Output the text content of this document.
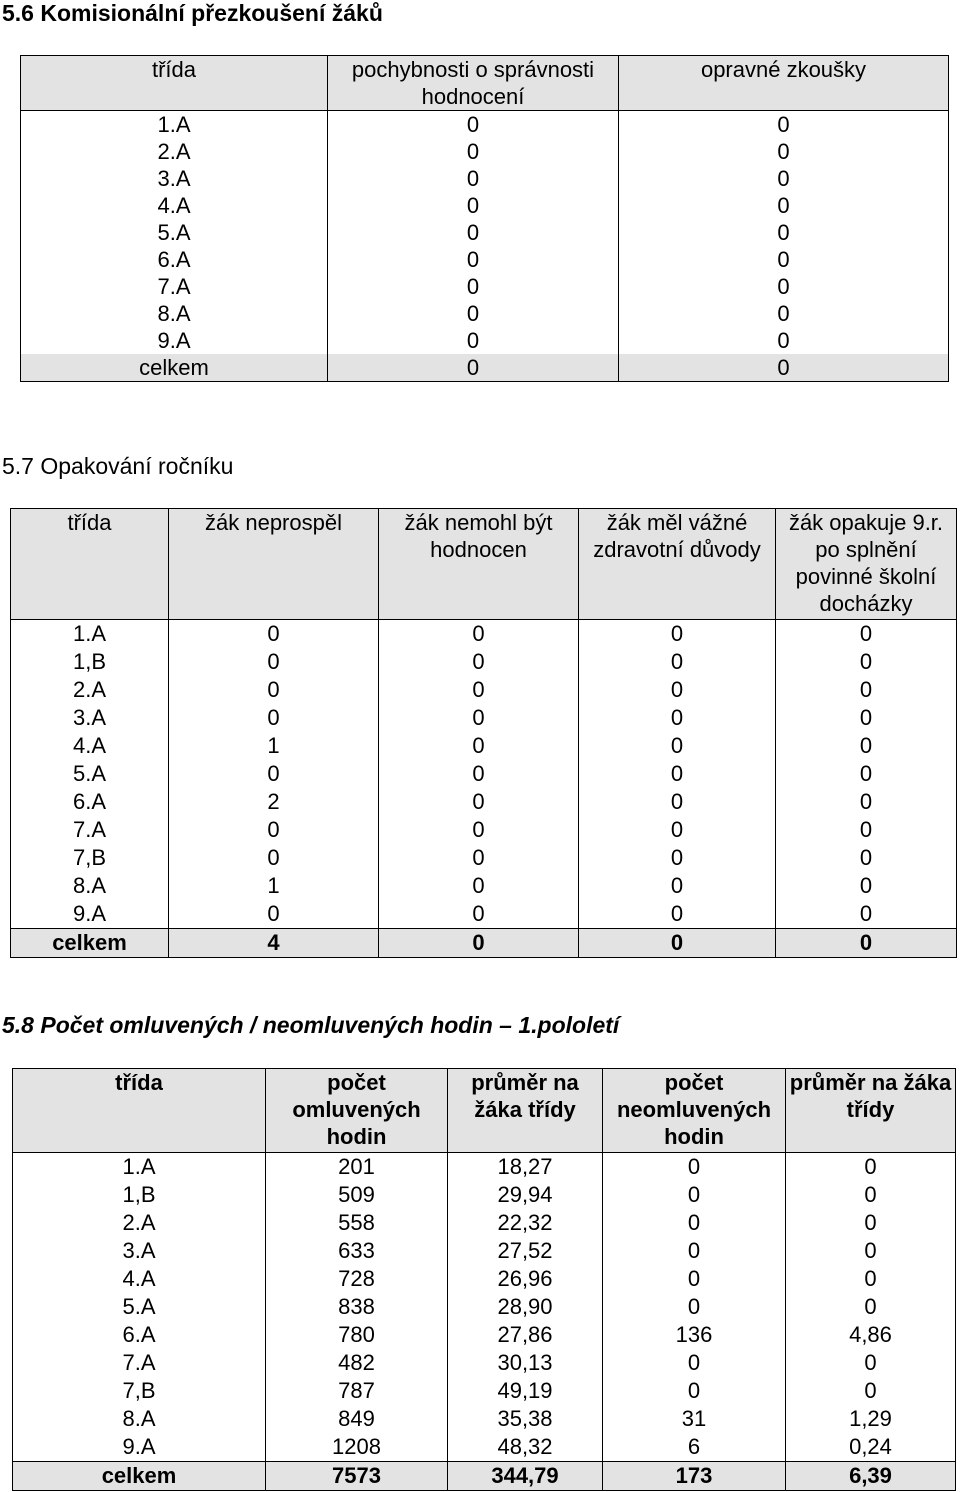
5.6 Komisionální přezkoušení žáků
třída	pochybnosti o správnosti hodnocení	opravné zkoušky
1.A	0	0
2.A	0	0
3.A	0	0
4.A	0	0
5.A	0	0
6.A	0	0
7.A	0	0
8.A	0	0
9.A	0	0
celkem	0	0
5.7 Opakování ročníku
třída	žák neprospěl	žák nemohl být hodnocen	žák měl vážné zdravotní důvody	žák opakuje 9.r. po splnění povinné školní docházky
1.A	0	0	0	0
1,B	0	0	0	0
2.A	0	0	0	0
3.A	0	0	0	0
4.A	1	0	0	0
5.A	0	0	0	0
6.A	2	0	0	0
7.A	0	0	0	0
7,B	0	0	0	0
8.A	1	0	0	0
9.A	0	0	0	0
celkem	4	0	0	0
5.8 Počet omluvených / neomluvených hodin – 1.pololetí
třída	počet omluvených hodin	průměr na žáka třídy	počet neomluvených hodin	průměr na žáka třídy
1.A	201	18,27	0	0
1,B	509	29,94	0	0
2.A	558	22,32	0	0
3.A	633	27,52	0	0
4.A	728	26,96	0	0
5.A	838	28,90	0	0
6.A	780	27,86	136	4,86
7.A	482	30,13	0	0
7,B	787	49,19	0	0
8.A	849	35,38	31	1,29
9.A	1208	48,32	6	0,24
celkem	7573	344,79	173	6,39
